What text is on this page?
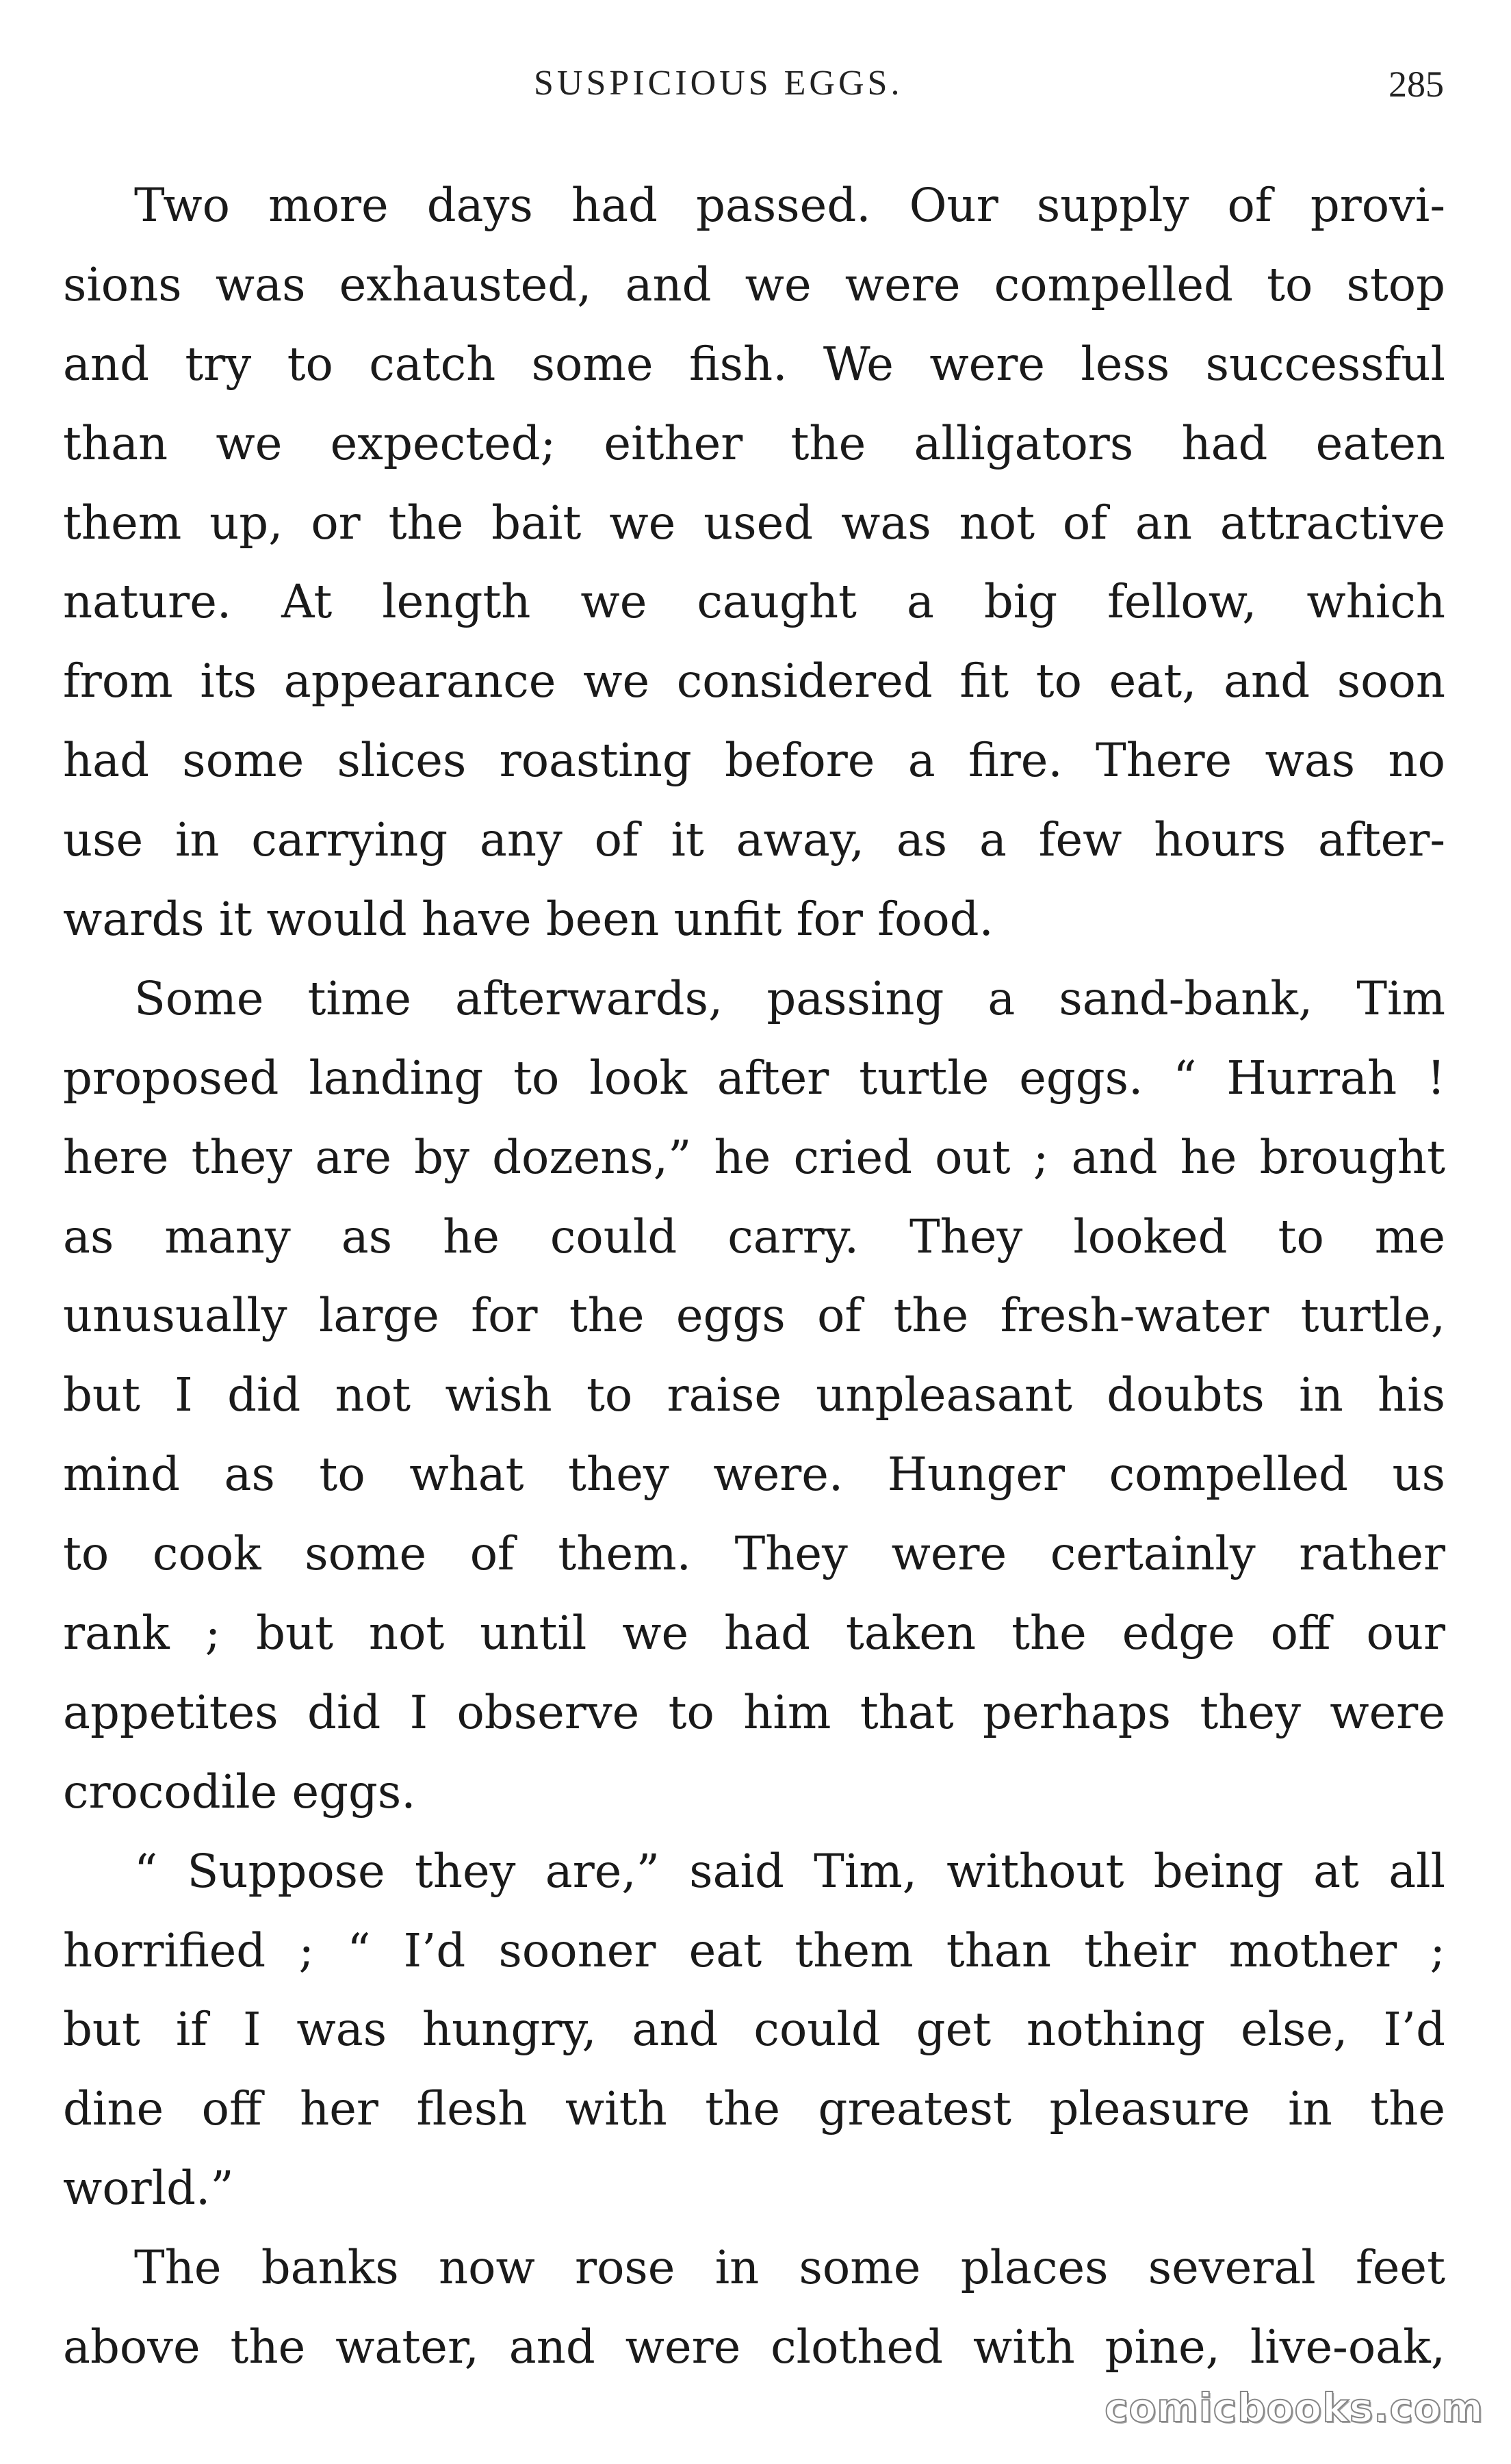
SUSPICIOUS EGGS.	285
Two more days had passed. Our supply of provi-
sions was exhausted, and we were compelled to stop
and try to catch some fish. We were less successful
than we expected; either the alligators had eaten
them up, or the bait we used was not of an attractive
nature. At length we caught a big fellow, which
from its appearance we considered fit to eat, and soon
had some slices roasting before a fire. There was no
use in carrying any of it away, as a few hours after-
wards it would have been unfit for food.
Some time afterwards, passing a sand-bank, Tim
proposed landing to look after turtle eggs. “ Hurrah !
here they are by dozens,” he cried out ; and he brought
as many as he could carry. They looked to me
unusually large for the eggs of the fresh-water turtle,
but I did not wish to raise unpleasant doubts in his
mind as to what they were. Hunger compelled us
to cook some of them. They were certainly rather
rank ; but not until we had taken the edge off our
appetites did I observe to him that perhaps they were
crocodile eggs.
“ Suppose they are,” said Tim, without being at all
horrified ; “ I’d sooner eat them than their mother ;
but if I was hungry, and could get nothing else, I’d
dine off her flesh with the greatest pleasure in the
world.”
The banks now rose in some places several feet
above the water, and were clothed with pine, live-oak,
comicbooks.com
